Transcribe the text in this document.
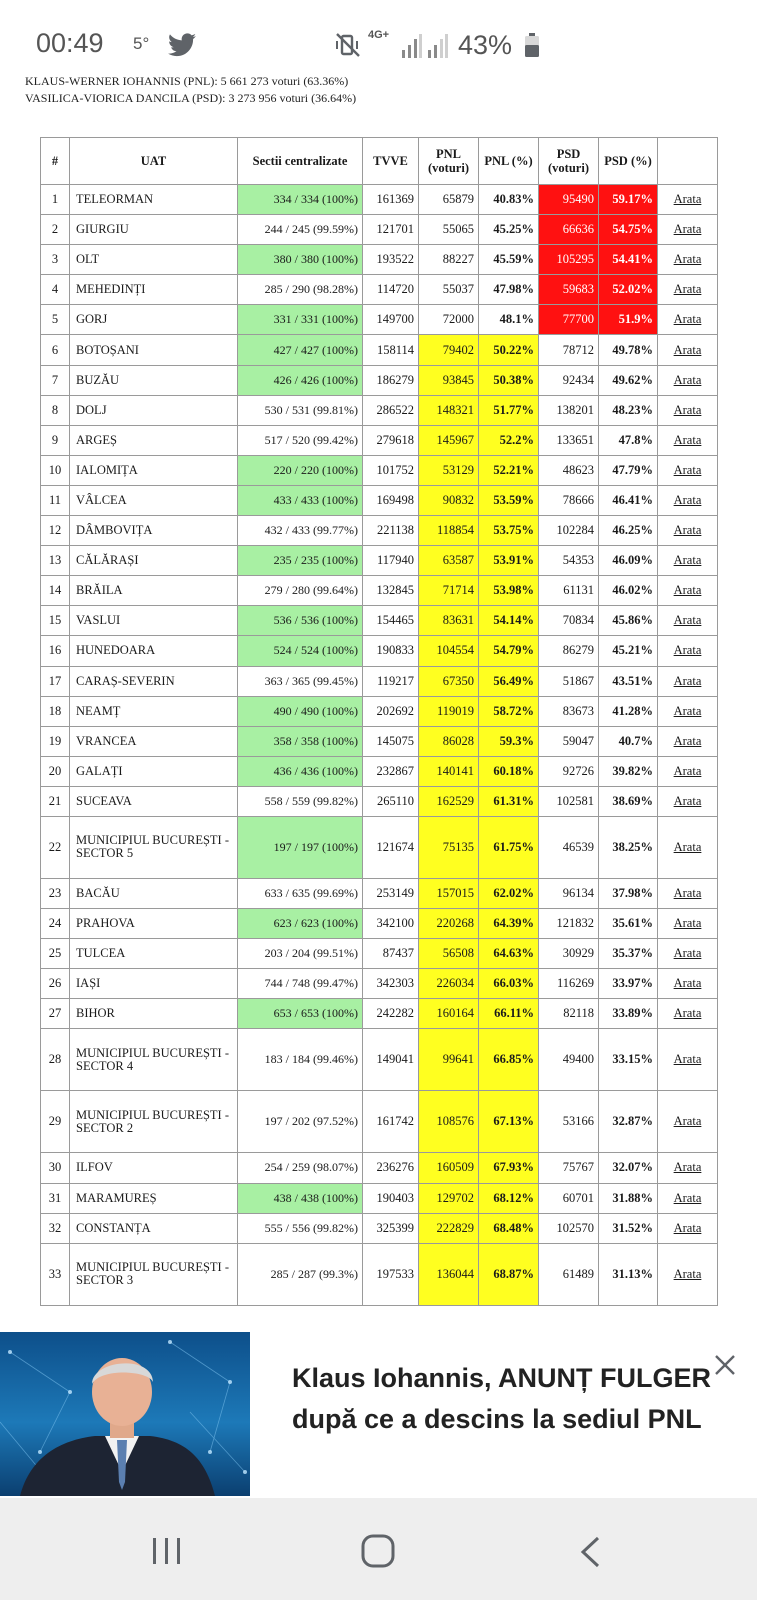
00:49 5°	4G+	43%
KLAUS-WERNER IOHANNIS (PNL): 5 661 273 voturi (63.36%)
VASILICA-VIORICA DANCILA (PSD): 3 273 956 voturi (36.64%)
#	UAT	Sectii centralizate	TVVE	PNL (voturi)	PNL (%)	PSD (voturi)	PSD (%)	
1	TELEORMAN	334 / 334 (100%)	161369	65879	40.83%	95490	59.17%	Arata
2	GIURGIU	244 / 245 (99.59%)	121701	55065	45.25%	66636	54.75%	Arata
3	OLT	380 / 380 (100%)	193522	88227	45.59%	105295	54.41%	Arata
4	MEHEDINȚI	285 / 290 (98.28%)	114720	55037	47.98%	59683	52.02%	Arata
5	GORJ	331 / 331 (100%)	149700	72000	48.1%	77700	51.9%	Arata
6	BOTOȘANI	427 / 427 (100%)	158114	79402	50.22%	78712	49.78%	Arata
7	BUZĂU	426 / 426 (100%)	186279	93845	50.38%	92434	49.62%	Arata
8	DOLJ	530 / 531 (99.81%)	286522	148321	51.77%	138201	48.23%	Arata
9	ARGEȘ	517 / 520 (99.42%)	279618	145967	52.2%	133651	47.8%	Arata
10	IALOMIȚA	220 / 220 (100%)	101752	53129	52.21%	48623	47.79%	Arata
11	VÂLCEA	433 / 433 (100%)	169498	90832	53.59%	78666	46.41%	Arata
12	DÂMBOVIȚA	432 / 433 (99.77%)	221138	118854	53.75%	102284	46.25%	Arata
13	CĂLĂRAȘI	235 / 235 (100%)	117940	63587	53.91%	54353	46.09%	Arata
14	BRĂILA	279 / 280 (99.64%)	132845	71714	53.98%	61131	46.02%	Arata
15	VASLUI	536 / 536 (100%)	154465	83631	54.14%	70834	45.86%	Arata
16	HUNEDOARA	524 / 524 (100%)	190833	104554	54.79%	86279	45.21%	Arata
17	CARAȘ-SEVERIN	363 / 365 (99.45%)	119217	67350	56.49%	51867	43.51%	Arata
18	NEAMȚ	490 / 490 (100%)	202692	119019	58.72%	83673	41.28%	Arata
19	VRANCEA	358 / 358 (100%)	145075	86028	59.3%	59047	40.7%	Arata
20	GALAȚI	436 / 436 (100%)	232867	140141	60.18%	92726	39.82%	Arata
21	SUCEAVA	558 / 559 (99.82%)	265110	162529	61.31%	102581	38.69%	Arata
22	MUNICIPIUL BUCUREȘTI - SECTOR 5	197 / 197 (100%)	121674	75135	61.75%	46539	38.25%	Arata
23	BACĂU	633 / 635 (99.69%)	253149	157015	62.02%	96134	37.98%	Arata
24	PRAHOVA	623 / 623 (100%)	342100	220268	64.39%	121832	35.61%	Arata
25	TULCEA	203 / 204 (99.51%)	87437	56508	64.63%	30929	35.37%	Arata
26	IAȘI	744 / 748 (99.47%)	342303	226034	66.03%	116269	33.97%	Arata
27	BIHOR	653 / 653 (100%)	242282	160164	66.11%	82118	33.89%	Arata
28	MUNICIPIUL BUCUREȘTI - SECTOR 4	183 / 184 (99.46%)	149041	99641	66.85%	49400	33.15%	Arata
29	MUNICIPIUL BUCUREȘTI - SECTOR 2	197 / 202 (97.52%)	161742	108576	67.13%	53166	32.87%	Arata
30	ILFOV	254 / 259 (98.07%)	236276	160509	67.93%	75767	32.07%	Arata
31	MARAMUREȘ	438 / 438 (100%)	190403	129702	68.12%	60701	31.88%	Arata
32	CONSTANȚA	555 / 556 (99.82%)	325399	222829	68.48%	102570	31.52%	Arata
33	MUNICIPIUL BUCUREȘTI - SECTOR 3	285 / 287 (99.3%)	197533	136044	68.87%	61489	31.13%	Arata
Klaus Iohannis, ANUNȚ FULGER după ce a descins la sediul PNL
